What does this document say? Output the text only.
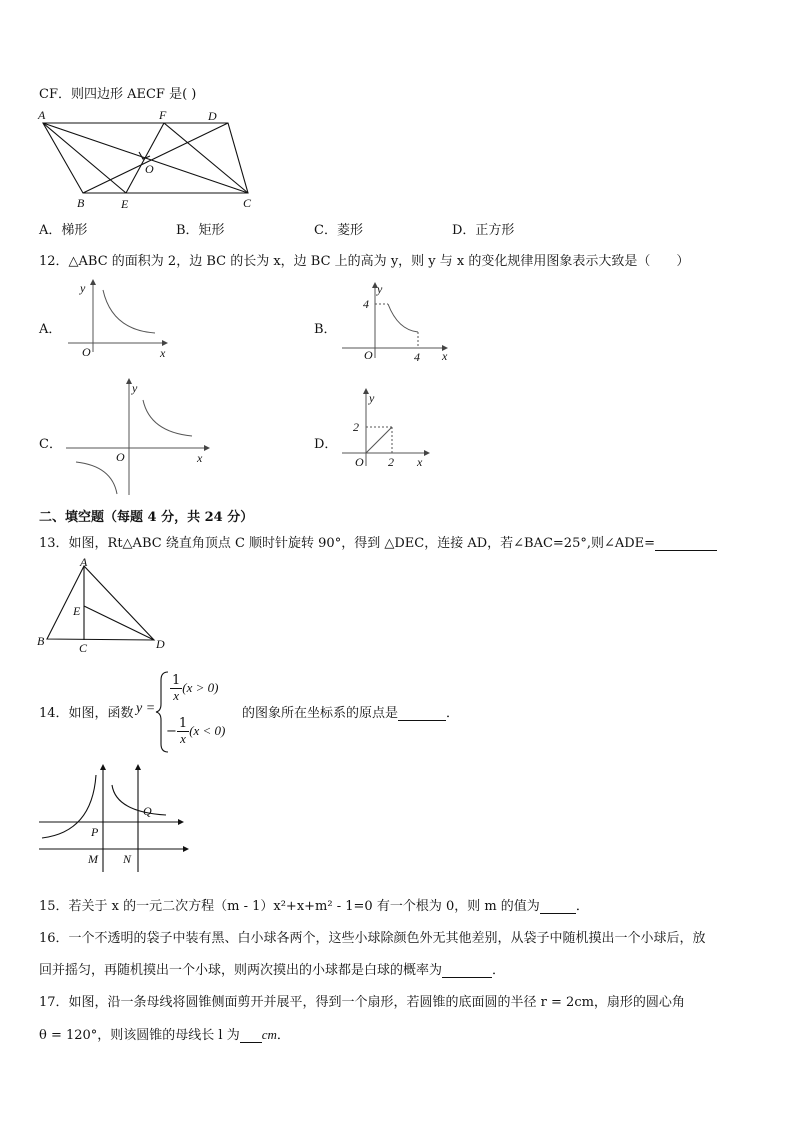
CF．则四边形 AECF 是( )
A	F	D
O
B	E	C
A．梯形	B．矩形	C．菱形	D．正方形
12．△ABC 的面积为 2，边 BC 的长为 x，边 BC 上的高为 y，则 y 与 x 的变化规律用图象表示大致是（　　）
A．	B．
C．	D．
y
x
O
y
x
O
4
4
y
x
O
y
x
O
2
2
二、填空题（每题 4 分，共 24 分）
13．如图，Rt△ABC 绕直角顶点 C 顺时针旋转 90°，得到 △DEC，连接 AD，若∠BAC=25°,则∠ADE=
A
E
B	C	D
14．如图，函数 y =
$\frac{1}{x} (x > 0)$
− $\frac{1}{x} (x < 0)$
的图象所在坐标系的原点是	．
Q
P
M N
15．若关于 x 的一元二次方程（m - 1）x²+x+m² - 1=0 有一个根为 0，则 m 的值为	．
16．一个不透明的袋子中装有黑、白小球各两个，这些小球除颜色外无其他差别，从袋子中随机摸出一个小球后，放
回并摇匀，再随机摸出一个小球，则两次摸出的小球都是白球的概率为	．
17．如图，沿一条母线将圆锥侧面剪开并展平，得到一个扇形，若圆锥的底面圆的半径 r = 2cm，扇形的圆心角
θ = 120°，则该圆锥的母线长 l 为 cm．
